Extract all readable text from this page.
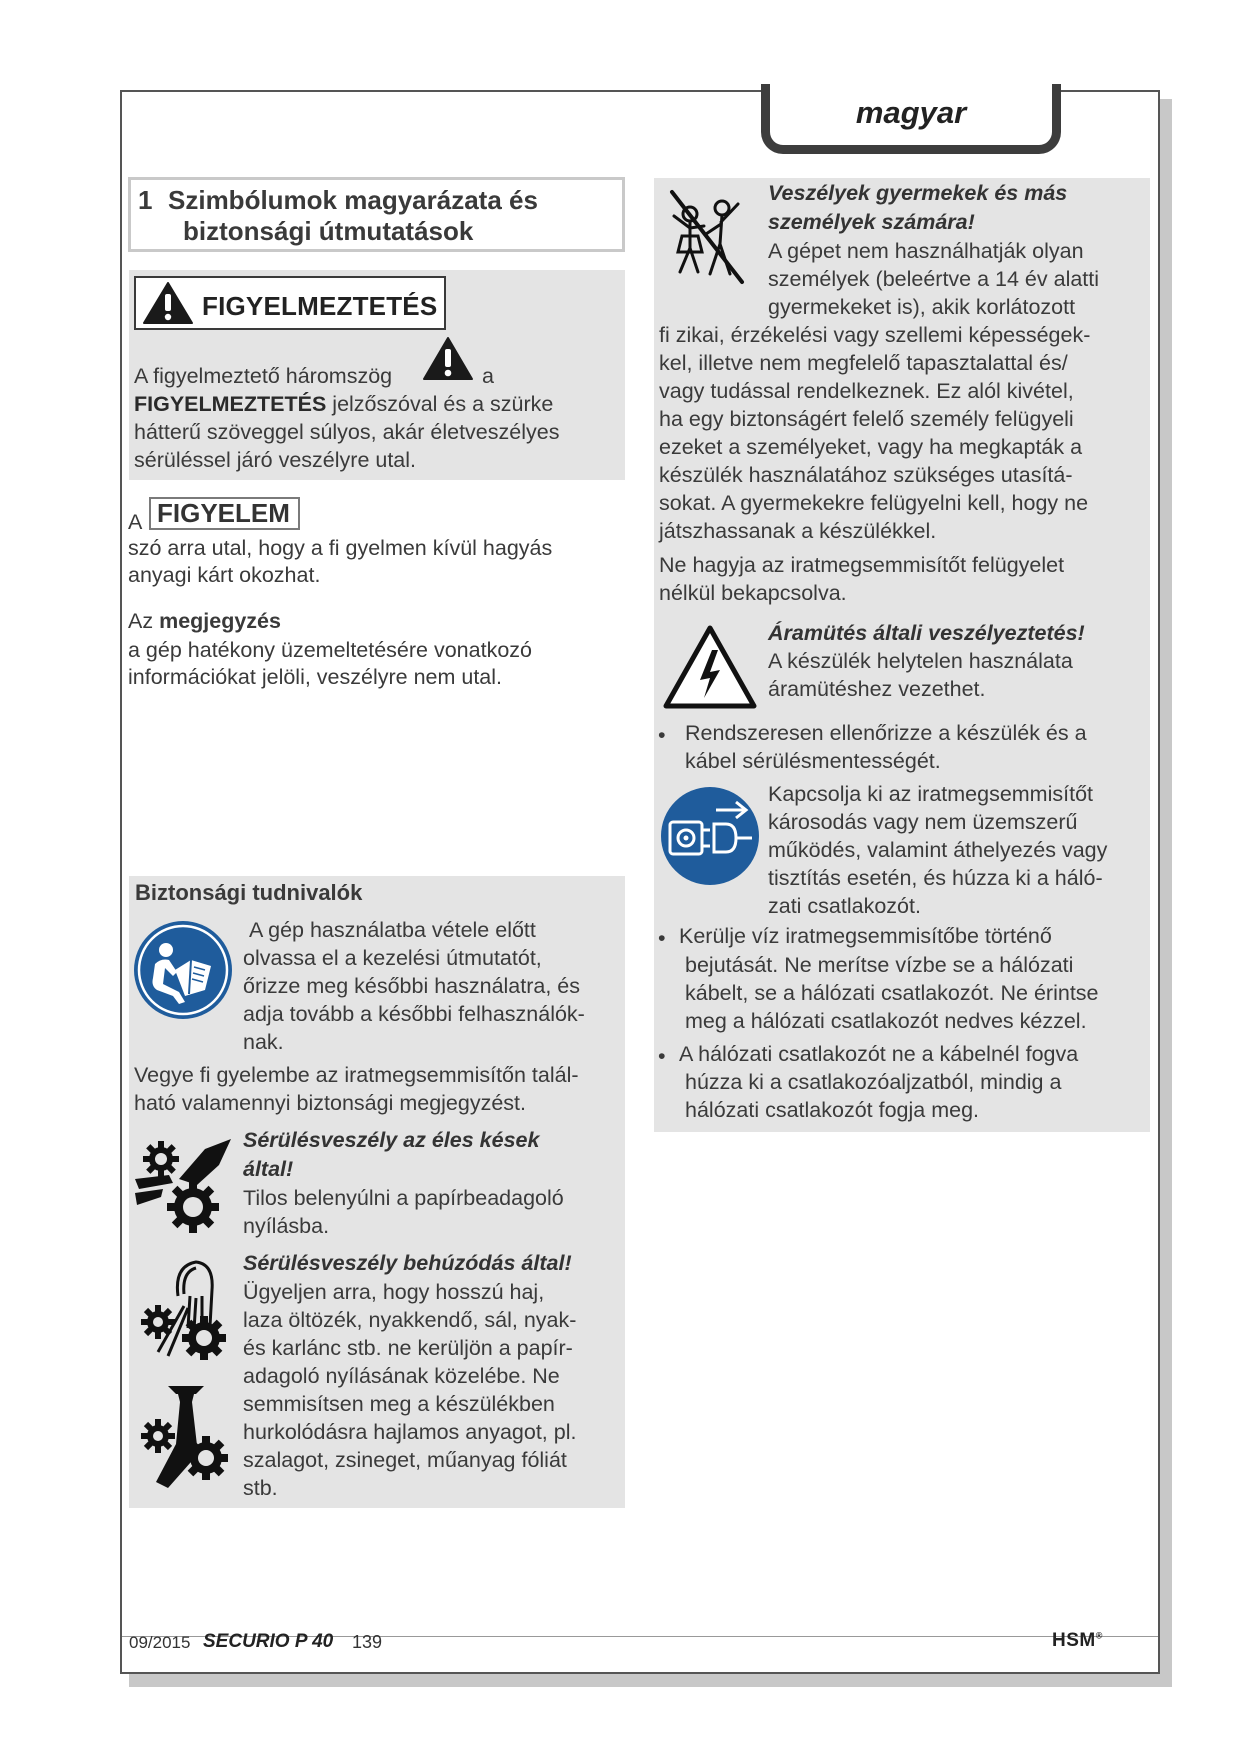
magyar
1 Szimbólumok magyarázata és
biztonsági útmutatások
FIGYELMEZTETÉS
A figyelmeztető háromszög	a
FIGYELMEZTETÉS jelzőszóval és a szürke
hátterű szöveggel súlyos, akár életveszélyes
sérüléssel járó veszélyre utal.
A FIGYELEM
szó arra utal, hogy a fi gyelmen kívül hagyás
anyagi kárt okozhat.
Az megjegyzés
a gép hatékony üzemeltetésére vonatkozó
információkat jelöli, veszélyre nem utal.
Biztonsági tudnivalók
A gép használatba vétele előtt
olvassa el a kezelési útmutatót,
őrizze meg későbbi használatra, és
adja tovább a későbbi felhasználók-
nak.
Vegye fi gyelembe az iratmegsemmisítőn talál-
ható valamennyi biztonsági megjegyzést.
Sérülésveszély az éles kések
által!
Tilos belenyúlni a papírbeadagoló
nyílásba.
Sérülésveszély behúzódás által!
Ügyeljen arra, hogy hosszú haj,
laza öltözék, nyakkendő, sál, nyak-
és karlánc stb. ne kerüljön a papír-
adagoló nyílásának közelébe. Ne
semmisítsen meg a készülékben
hurkolódásra hajlamos anyagot, pl.
szalagot, zsineget, műanyag fóliát
stb.
Veszélyek gyermekek és más
személyek számára!
A gépet nem használhatják olyan
személyek (beleértve a 14 év alatti
gyermekeket is), akik korlátozott
fi zikai, érzékelési vagy szellemi képességek-
kel, illetve nem megfelelő tapasztalattal és/
vagy tudással rendelkeznek. Ez alól kivétel,
ha egy biztonságért felelő személy felügyeli
ezeket a személyeket, vagy ha megkapták a
készülék használatához szükséges utasítá-
sokat. A gyermekekre felügyelni kell, hogy ne
játszhassanak a készülékkel.
Ne hagyja az iratmegsemmisítőt felügyelet
nélkül bekapcsolva.
Áramütés általi veszélyeztetés!
A készülék helytelen használata
áramütéshez vezethet.
• Rendszeresen ellenőrizze a készülék és a
kábel sérülésmentességét.
Kapcsolja ki az iratmegsemmisítőt
károsodás vagy nem üzemszerű
működés, valamint áthelyezés vagy
tisztítás esetén, és húzza ki a háló-
zati csatlakozót.
• Kerülje víz iratmegsemmisítőbe történő
bejutását. Ne merítse vízbe se a hálózati
kábelt, se a hálózati csatlakozót. Ne érintse
meg a hálózati csatlakozót nedves kézzel.
• A hálózati csatlakozót ne a kábelnél fogva
húzza ki a csatlakozóaljzatból, mindig a
hálózati csatlakozót fogja meg.
09/2015 SECURIO P 40 139	HSM®
